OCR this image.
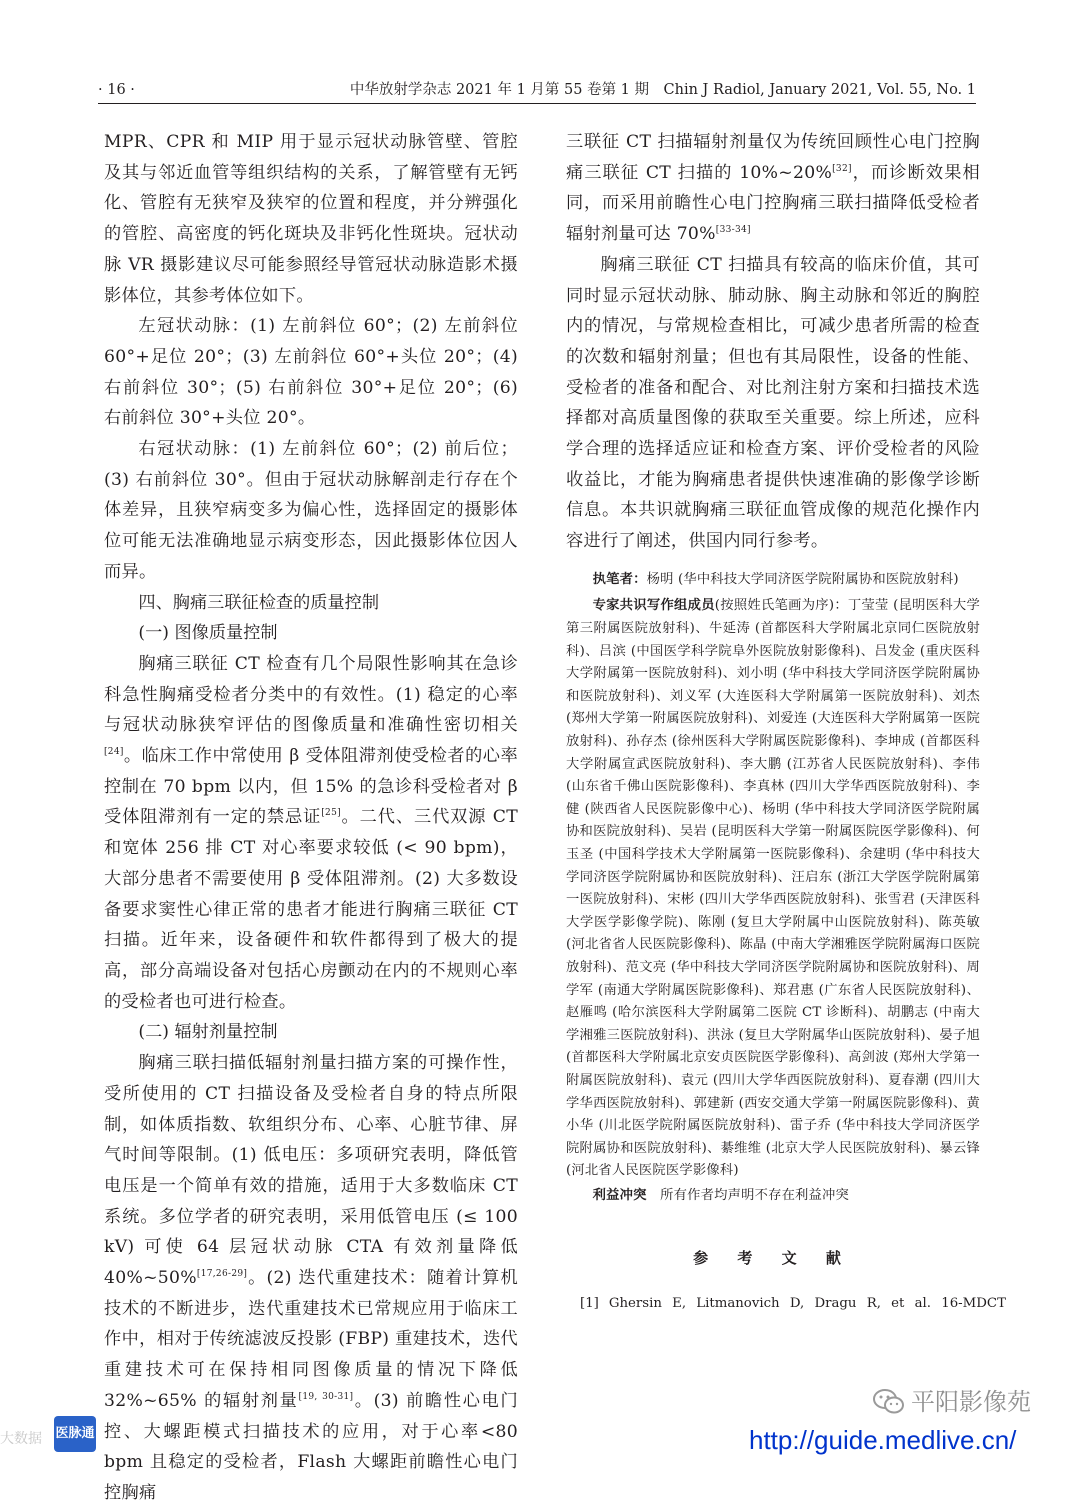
· 16 ·	中华放射学杂志 2021 年 1 月第 55 卷第 1 期　Chin J Radiol, January 2021, Vol. 55, No. 1

MPR、CPR 和 MIP 用于显示冠状动脉管壁、管腔及其与邻近血管等组织结构的关系，了解管壁有无钙化、管腔有无狭窄及狭窄的位置和程度，并分辨强化的管腔、高密度的钙化斑块及非钙化性斑块。冠状动脉 VR 摄影建议尽可能参照经导管冠状动脉造影术摄影体位，其参考体位如下。

左冠状动脉：(1) 左前斜位 60°；(2) 左前斜位 60°+足位 20°；(3) 左前斜位 60°+头位 20°；(4) 右前斜位 30°；(5) 右前斜位 30°+足位 20°；(6) 右前斜位 30°+头位 20°。

右冠状动脉：(1) 左前斜位 60°；(2) 前后位；(3) 右前斜位 30°。但由于冠状动脉解剖走行存在个体差异，且狭窄病变多为偏心性，选择固定的摄影体位可能无法准确地显示病变形态，因此摄影体位因人而异。

四、胸痛三联征检查的质量控制

(一) 图像质量控制

胸痛三联征 CT 检查有几个局限性影响其在急诊科急性胸痛受检者分类中的有效性。(1) 稳定的心率与冠状动脉狭窄评估的图像质量和准确性密切相关[24]。临床工作中常使用 β 受体阻滞剂使受检者的心率控制在 70 bpm 以内，但 15% 的急诊科受检者对 β 受体阻滞剂有一定的禁忌证[25]。二代、三代双源 CT 和宽体 256 排 CT 对心率要求较低 (< 90 bpm)，大部分患者不需要使用 β 受体阻滞剂。(2) 大多数设备要求窦性心律正常的患者才能进行胸痛三联征 CT 扫描。近年来，设备硬件和软件都得到了极大的提高，部分高端设备对包括心房颤动在内的不规则心率的受检者也可进行检查。

(二) 辐射剂量控制

胸痛三联扫描低辐射剂量扫描方案的可操作性，受所使用的 CT 扫描设备及受检者自身的特点所限制，如体质指数、软组织分布、心率、心脏节律、屏气时间等限制。(1) 低电压：多项研究表明，降低管电压是一个简单有效的措施，适用于大多数临床 CT 系统。多位学者的研究表明，采用低管电压 (≤ 100 kV) 可使 64 层冠状动脉 CTA 有效剂量降低 40%~50%[17,26-29]。(2) 迭代重建技术：随着计算机技术的不断进步，迭代重建技术已常规应用于临床工作中，相对于传统滤波反投影 (FBP) 重建技术，迭代重建技术可在保持相同图像质量的情况下降低 32%~65% 的辐射剂量[19, 30-31]。(3) 前瞻性心电门控、大螺距模式扫描技术的应用，对于心率<80 bpm 且稳定的受检者，Flash 大螺距前瞻性心电门控胸痛

三联征 CT 扫描辐射剂量仅为传统回顾性心电门控胸痛三联征 CT 扫描的 10%~20%[32]，而诊断效果相同，而采用前瞻性心电门控胸痛三联扫描降低受检者辐射剂量可达 70%[33-34]

胸痛三联征 CT 扫描具有较高的临床价值，其可同时显示冠状动脉、肺动脉、胸主动脉和邻近的胸腔内的情况，与常规检查相比，可减少患者所需的检查的次数和辐射剂量；但也有其局限性，设备的性能、受检者的准备和配合、对比剂注射方案和扫描技术选择都对高质量图像的获取至关重要。综上所述，应科学合理的选择适应证和检查方案、评价受检者的风险收益比，才能为胸痛患者提供快速准确的影像学诊断信息。本共识就胸痛三联征血管成像的规范化操作内容进行了阐述，供国内同行参考。

执笔者：杨明 (华中科技大学同济医学院附属协和医院放射科)

专家共识写作组成员(按照姓氏笔画为序)：丁莹莹 (昆明医科大学第三附属医院放射科)、牛延涛 (首都医科大学附属北京同仁医院放射科)、吕滨 (中国医学科学院阜外医院放射影像科)、吕发金 (重庆医科大学附属第一医院放射科)、刘小明 (华中科技大学同济医学院附属协和医院放射科)、刘义军 (大连医科大学附属第一医院放射科)、刘杰 (郑州大学第一附属医院放射科)、刘爱连 (大连医科大学附属第一医院放射科)、孙存杰 (徐州医科大学附属医院影像科)、李坤成 (首都医科大学附属宣武医院放射科)、李大鹏 (江苏省人民医院放射科)、李伟 (山东省千佛山医院影像科)、李真林 (四川大学华西医院放射科)、李健 (陕西省人民医院影像中心)、杨明 (华中科技大学同济医学院附属协和医院放射科)、吴岩 (昆明医科大学第一附属医院医学影像科)、何玉圣 (中国科学技术大学附属第一医院影像科)、余建明 (华中科技大学同济医学院附属协和医院放射科)、汪启东 (浙江大学医学院附属第一医院放射科)、宋彬 (四川大学华西医院放射科)、张雪君 (天津医科大学医学影像学院)、陈刚 (复旦大学附属中山医院放射科)、陈英敏 (河北省省人民医院影像科)、陈晶 (中南大学湘雅医学院附属海口医院放射科)、范文亮 (华中科技大学同济医学院附属协和医院放射科)、周学军 (南通大学附属医院影像科)、郑君惠 (广东省人民医院放射科)、赵雁鸣 (哈尔滨医科大学附属第二医院 CT 诊断科)、胡鹏志 (中南大学湘雅三医院放射科)、洪泳 (复旦大学附属华山医院放射科)、晏子旭 (首都医科大学附属北京安贞医院医学影像科)、高剑波 (郑州大学第一附属医院放射科)、袁元 (四川大学华西医院放射科)、夏春潮 (四川大学华西医院放射科)、郭建新 (西安交通大学第一附属医院影像科)、黄小华 (川北医学院附属医院放射科)、雷子乔 (华中科技大学同济医学院附属协和医院放射科)、綦维维 (北京大学人民医院放射科)、暴云锋 (河北省人民医院医学影像科)

利益冲突　 所有作者均声明不存在利益冲突

参 考 文 献

[1] Ghersin E, Litmanovich D, Dragu R, et al. 16-MDCT

医脉通
大数据
平阳影像苑
http://guide.medlive.cn/
